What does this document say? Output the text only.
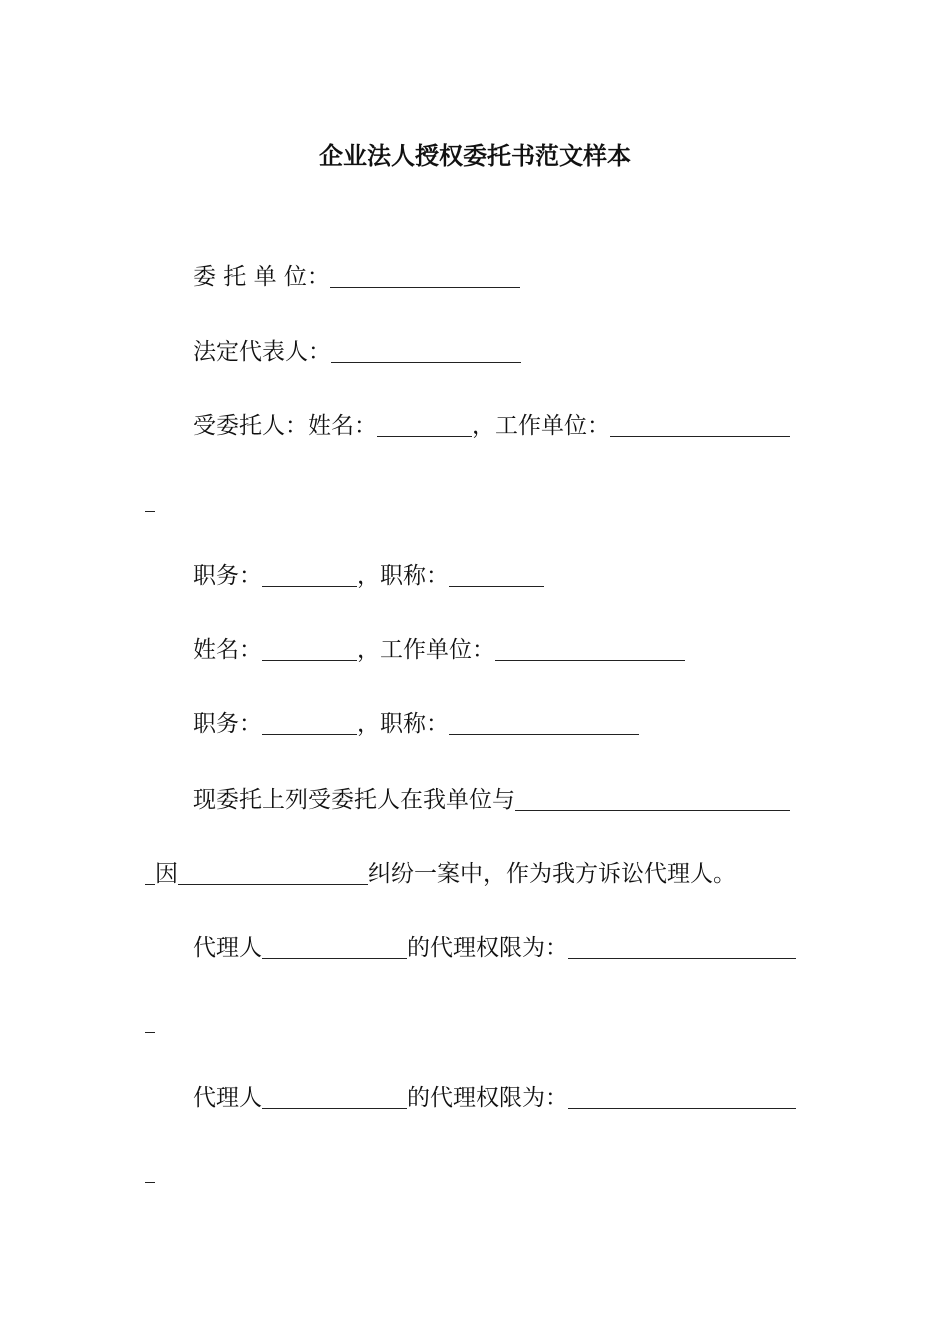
企业法人授权委托书范文样本
委 托 单 位：
法定代表人：
受委托人：姓名：	，工作单位：
职务：	，职称：
姓名：	，工作单位：
职务：	，职称：
现委托上列受委托人在我单位与
因	纠纷一案中，作为我方诉讼代理人。
代理人	的代理权限为：
代理人	的代理权限为：
